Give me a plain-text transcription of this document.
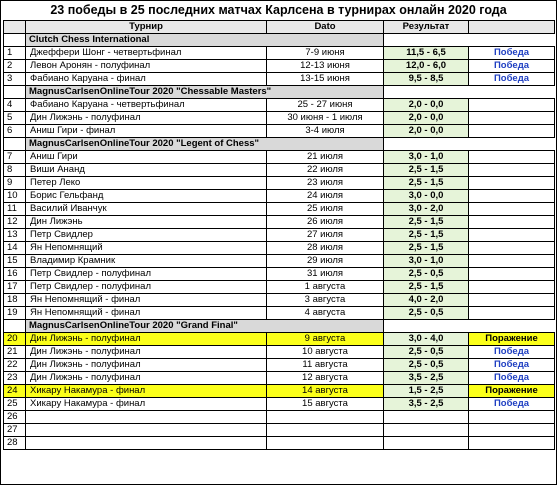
23 победы в 25 последних матчах Карлсена в турнирах онлайн 2020 года
	Турнир	Dato	Результат	
	Clutch Chess International			
1	Джеффери Шонг - четвертьфинал	7-9 июня	11,5 - 6,5	Победа
2	Левон Аронян - полуфинал	12-13 июня	12,0 - 6,0	Победа
3	Фабиано Каруана - финал	13-15 июня	9,5 - 8,5	Победа
	MagnusCarlsenOnlineTour 2020 "Chessable Masters"			
4	Фабиано Каруана - четвертьфинал	25 - 27 июня	2,0 - 0,0	
5	Дин Лижэнь - полуфинал	30 июня - 1 июля	2,0 - 0,0	
6	Аниш Гири - финал	3-4 июля	2,0 - 0,0	
	MagnusCarlsenOnlineTour 2020 "Legent of Chess"			
7	Аниш Гири	21 июля	3,0 - 1,0	
8	Виши Ананд	22 июля	2,5 - 1,5	
9	Петер Леко	23 июля	2,5 - 1,5	
10	Борис Гельфанд	24 июля	3,0 - 0,0	
11	Василий Иванчук	25 июля	3,0 - 2,0	
12	Дин Лижэнь	26 июля	2,5 - 1,5	
13	Петр Свидлер	27 июля	2,5 - 1,5	
14	Ян Непомнящий	28 июля	2,5 - 1,5	
15	Владимир Крамник	29 июля	3,0 - 1,0	
16	Петр Свидлер - полуфинал	31 июля	2,5 - 0,5	
17	Петр Свидлер - полуфинал	1 августа	2,5 - 1,5	
18	Ян Непомнящий - финал	3 августа	4,0 - 2,0	
19	Ян Непомнящий - финал	4 августа	2,5 - 0,5	
	MagnusCarlsenOnlineTour 2020 "Grand Final"			
20	Дин Лижэнь - полуфинал	9 августа	3,0 - 4,0	Поражение
21	Дин Лижэнь - полуфинал	10 августа	2,5 - 0,5	Победа
22	Дин Лижэнь - полуфинал	11 августа	2,5 - 0,5	Победа
23	Дин Лижэнь - полуфинал	12 августа	3,5 - 2,5	Победа
24	Хикару Накамура - финал	14 августа	1,5 - 2,5	Поражение
25	Хикару Накамура - финал	15 августа	3,5 - 2,5	Победа
26				
27				
28				
